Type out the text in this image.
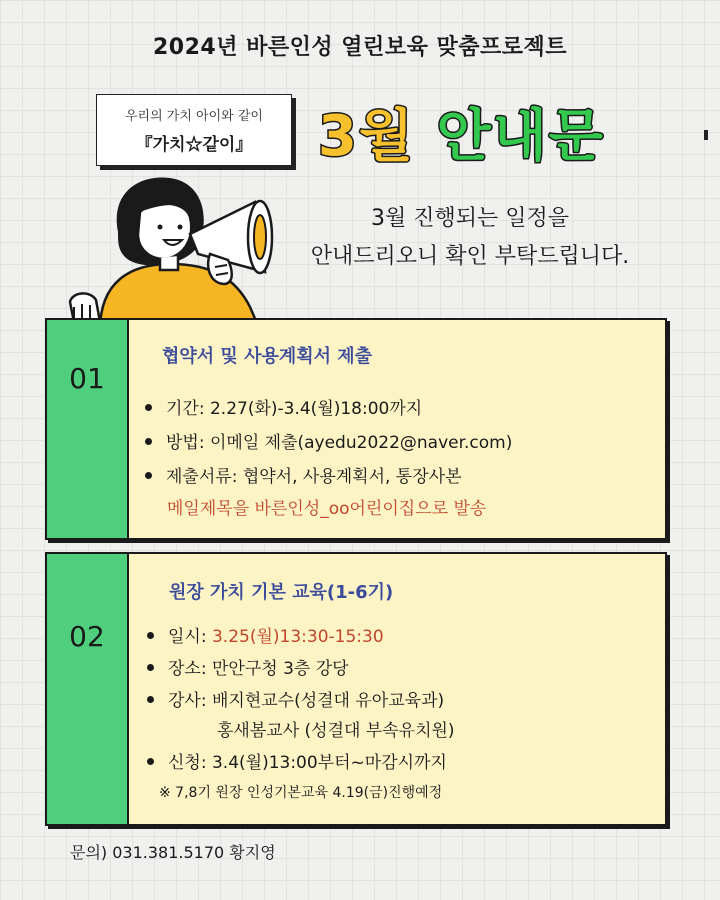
2024년 바른인성 열린보육 맞춤프로젝트
우리의 가치 아이와 같이
『가치☆같이』	3월 안내문
3월 진행되는 일정을
안내드리오니 확인 부탁드립니다.
01
협약서 및 사용계획서 제출
기간: 2.27(화)-3.4(월)18:00까지
방법: 이메일 제출(ayedu2022@naver.com)
제출서류: 협약서, 사용계획서, 통장사본
메일제목을 바른인성_oo어린이집으로 발송
02
원장 가치 기본 교육(1-6기)
일시: 3.25(월)13:30-15:30
장소: 만안구청 3층 강당
강사: 배지현교수(성결대 유아교육과)
홍새봄교사 (성결대 부속유치원)
신청: 3.4(월)13:00부터~마감시까지
※ 7,8기 원장 인성기본교육 4.19(금)진행예정
문의) 031.381.5170 황지영
